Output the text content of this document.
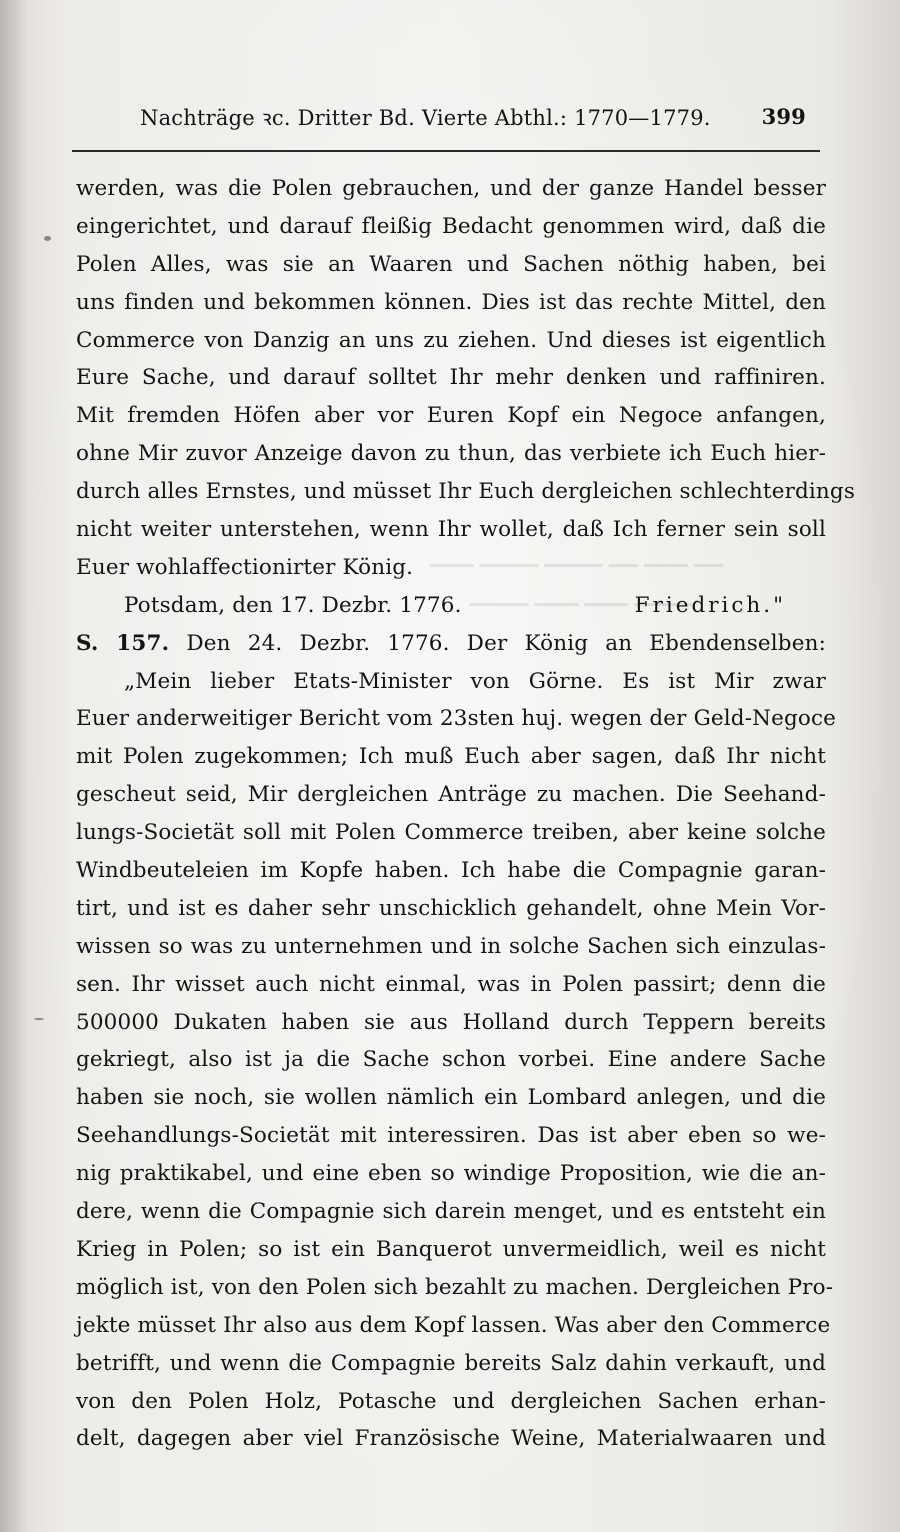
▔▔ ▔▔▔ ▔▔ ▔▔▔▔ ▔▔▔▔ ▔▔▔
▔▔▔▔ ▔▔▔ ▔▔▔ ▔▔▔▔
Nachträge ꝛc. Dritter Bd. Vierte Abthl.: 1770—1779. 399
werden, was die Polen gebrauchen, und der ganze Handel besser
eingerichtet, und darauf fleißig Bedacht genommen wird, daß die
Polen Alles, was sie an Waaren und Sachen nöthig haben, bei
uns finden und bekommen können. Dies ist das rechte Mittel, den
Commerce von Danzig an uns zu ziehen. Und dieses ist eigentlich
Eure Sache, und darauf solltet Ihr mehr denken und raffiniren.
Mit fremden Höfen aber vor Euren Kopf ein Negoce anfangen,
ohne Mir zuvor Anzeige davon zu thun, das verbiete ich Euch hier-
durch alles Ernstes, und müsset Ihr Euch dergleichen schlechterdings
nicht weiter unterstehen, wenn Ihr wollet, daß Ich ferner sein soll
Euer wohlaffectionirter König.
Potsdam, den 17. Dezbr. 1776.	Friedrich."
S. 157. Den 24. Dezbr. 1776. Der König an Ebendenselben:
„Mein lieber Etats-Minister von Görne. Es ist Mir zwar
Euer anderweitiger Bericht vom 23sten huj. wegen der Geld-Negoce
mit Polen zugekommen; Ich muß Euch aber sagen, daß Ihr nicht
gescheut seid, Mir dergleichen Anträge zu machen. Die Seehand-
lungs-Societät soll mit Polen Commerce treiben, aber keine solche
Windbeuteleien im Kopfe haben. Ich habe die Compagnie garan-
tirt, und ist es daher sehr unschicklich gehandelt, ohne Mein Vor-
wissen so was zu unternehmen und in solche Sachen sich einzulas-
sen. Ihr wisset auch nicht einmal, was in Polen passirt; denn die
500000 Dukaten haben sie aus Holland durch Teppern bereits
gekriegt, also ist ja die Sache schon vorbei. Eine andere Sache
haben sie noch, sie wollen nämlich ein Lombard anlegen, und die
Seehandlungs-Societät mit interessiren. Das ist aber eben so we-
nig praktikabel, und eine eben so windige Proposition, wie die an-
dere, wenn die Compagnie sich darein menget, und es entsteht ein
Krieg in Polen; so ist ein Banquerot unvermeidlich, weil es nicht
möglich ist, von den Polen sich bezahlt zu machen. Dergleichen Pro-
jekte müsset Ihr also aus dem Kopf lassen. Was aber den Commerce
betrifft, und wenn die Compagnie bereits Salz dahin verkauft, und
von den Polen Holz, Potasche und dergleichen Sachen erhan-
delt, dagegen aber viel Französische Weine, Materialwaaren und
